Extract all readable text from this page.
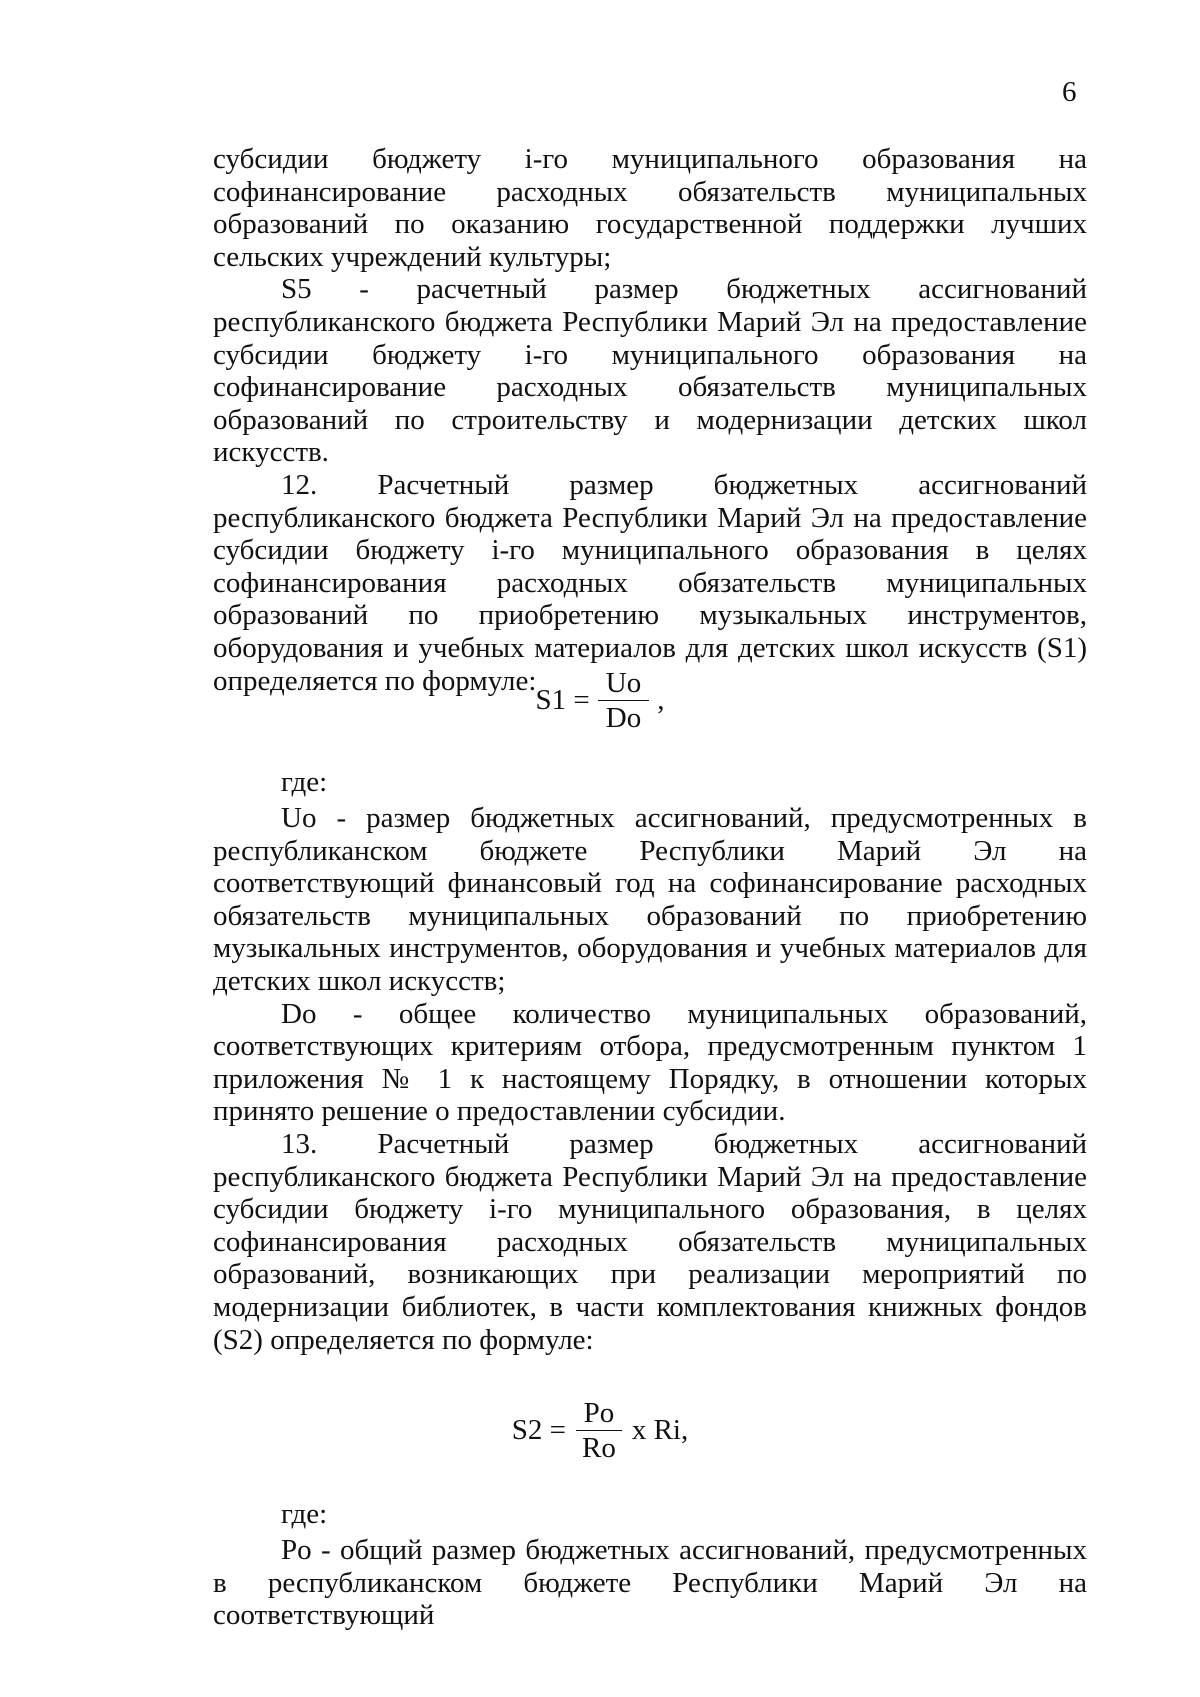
6

субсидии бюджету i-го муниципального образования на софинансирование расходных обязательств муниципальных образований по оказанию государственной поддержки лучших сельских учреждений культуры;

S5 - расчетный размер бюджетных ассигнований республиканского бюджета Республики Марий Эл на предоставление субсидии бюджету i-го муниципального образования на софинансирование расходных обязательств муниципальных образований по строительству и модернизации детских школ искусств.

12. Расчетный размер бюджетных ассигнований республиканского бюджета Республики Марий Эл на предоставление субсидии бюджету i-го муниципального образования в целях софинансирования расходных обязательств муниципальных образований по приобретению музыкальных инструментов, оборудования и учебных материалов для детских школ искусств (S1) определяется по формуле:

$S1 = \frac{Uo}{Do}$ ,
где:

Uo - размер бюджетных ассигнований, предусмотренных в республиканском бюджете Республики Марий Эл на соответствующий финансовый год на софинансирование расходных обязательств муниципальных образований по приобретению музыкальных инструментов, оборудования и учебных материалов для детских школ искусств;

Do - общее количество муниципальных образований, соответствующих критериям отбора, предусмотренным пунктом 1 приложения № 1 к настоящему Порядку, в отношении которых принято решение о предоставлении субсидии.

13. Расчетный размер бюджетных ассигнований республиканского бюджета Республики Марий Эл на предоставление субсидии бюджету i-го муниципального образования, в целях софинансирования расходных обязательств муниципальных образований, возникающих при реализации мероприятий по модернизации библиотек, в части комплектования книжных фондов (S2) определяется по формуле:

$S2 = \frac{Po}{Ro}$ x Ri,
где:

Po - общий размер бюджетных ассигнований, предусмотренных в республиканском бюджете Республики Марий Эл на соответствующий
